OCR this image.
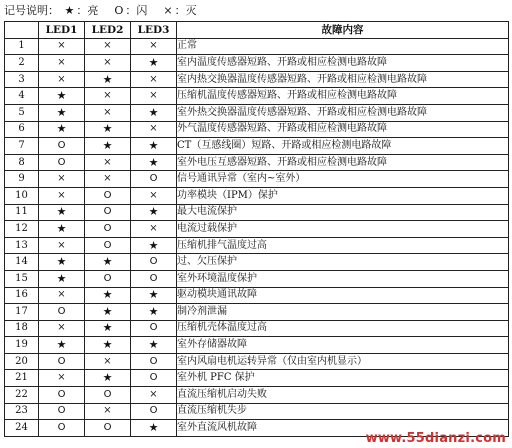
记号说明： ★ ：亮 O ：闪 × ：灭
	LED1	LED2	LED3	故障内容
1	×	×	×	正常
2	×	×	★	室内温度传感器短路、开路或相应检测电路故障
3	×	★	×	室内热交换器温度传感器短路、开路或相应检测电路故障
4	★	×	×	压缩机温度传感器短路、开路或相应检测电路故障
5	★	×	★	室外热交换器温度传感器短路、开路或相应检测电路故障
6	★	★	×	外气温度传感器短路、开路或相应检测电路故障
7	O	★	★	CT（互感线圈）短路、开路或相应检测电路故障
8	O	×	★	室外电压互感器短路、开路或相应检测电路故障
9	×	×	O	信号通讯异常（室内~室外）
10	×	O	×	功率模块（IPM）保护
11	★	O	★	最大电流保护
12	★	O	×	电流过载保护
13	×	O	★	压缩机排气温度过高
14	★	★	O	过、欠压保护
15	★	O	O	室外环境温度保护
16	×	★	★	驱动模块通讯故障
17	O	★	★	制冷剂泄漏
18	×	★	O	压缩机壳体温度过高
19	★	★	★	室外存储器故障
20	O	×	O	室内风扇电机运转异常（仅由室内机显示）
21	×	★	O	室外机 PFC 保护
22	O	O	×	直流压缩机启动失败
23	O	×	O	直流压缩机失步
24	O	O	★	室外直流风机故障
www.55dianzi.com
